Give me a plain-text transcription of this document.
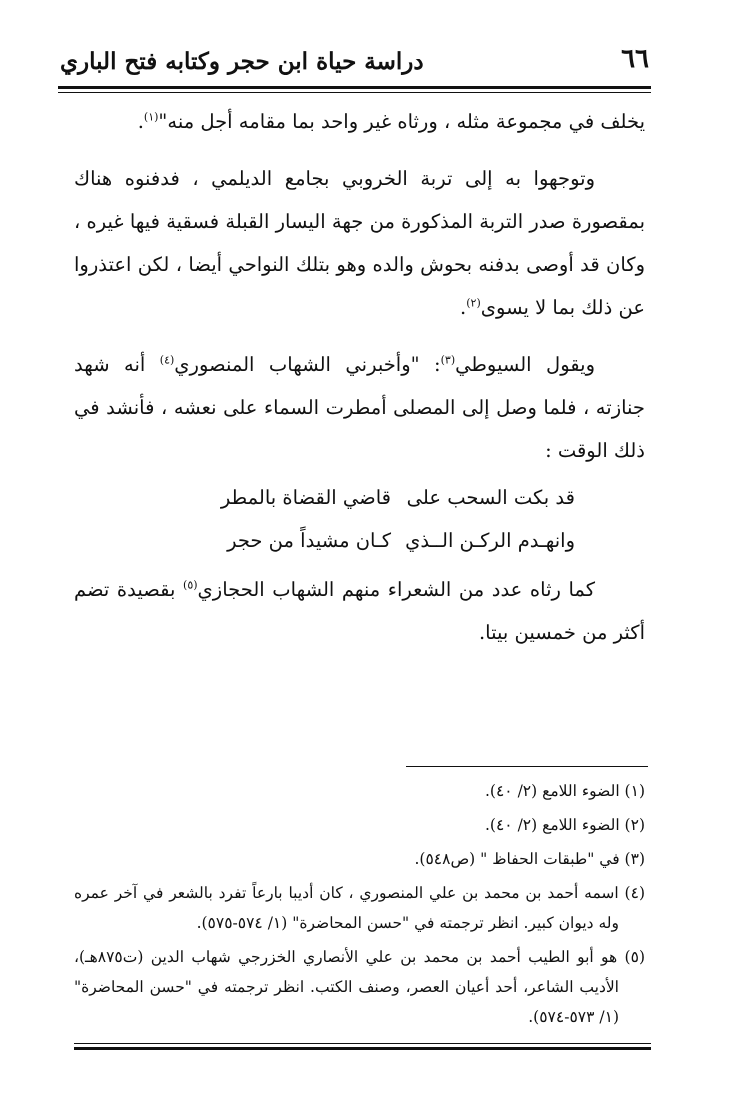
٦٦
دراسة حياة ابن حجر وكتابه فتح الباري

يخلف في مجموعة مثله ، ورثاه غير واحد بما مقامه أجل منه"$^{(١)}$.

وتوجهوا به إلى تربة الخروبي بجامع الديلمي ، فدفنوه هناك بمقصورة صدر التربة المذكورة من جهة اليسار القبلة فسقية فيها غيره ، وكان قد أوصى بدفنه بحوش والده وهو بتلك النواحي أيضا ، لكن اعتذروا عن ذلك بما لا يسوى$^{(٢)}$.

ويقول السيوطي$^{(٣)}$: "وأخبرني الشهاب المنصوري$^{(٤)}$ أنه شهد جنازته ، فلما وصل إلى المصلى أمطرت السماء على نعشه ، فأنشد في ذلك الوقت :

قد بكت السحب علىقاضي القضاة بالمطر
وانهـدم الركـن الــذيكـان مشيداً من حجر

كما رثاه عدد من الشعراء منهم الشهاب الحجازي$^{(٥)}$ بقصيدة تضم أكثر من خمسين بيتا.

(١) الضوء اللامع (٢/ ٤٠).

(٢) الضوء اللامع (٢/ ٤٠).

(٣) في "طبقات الحفاظ " (ص٥٤٨).

(٤) اسمه أحمد بن محمد بن علي المنصوري ، كان أديبا بارعاً تفرد بالشعر في آخر عمره وله ديوان كبير. انظر ترجمته في "حسن المحاضرة" (١/ ٥٧٤-٥٧٥).

(٥) هو أبو الطيب أحمد بن محمد بن علي الأنصاري الخزرجي شهاب الدين (ت٨٧٥هـ)، الأديب الشاعر، أحد أعيان العصر، وصنف الكتب. انظر ترجمته في "حسن المحاضرة" (١/ ٥٧٣-٥٧٤).
